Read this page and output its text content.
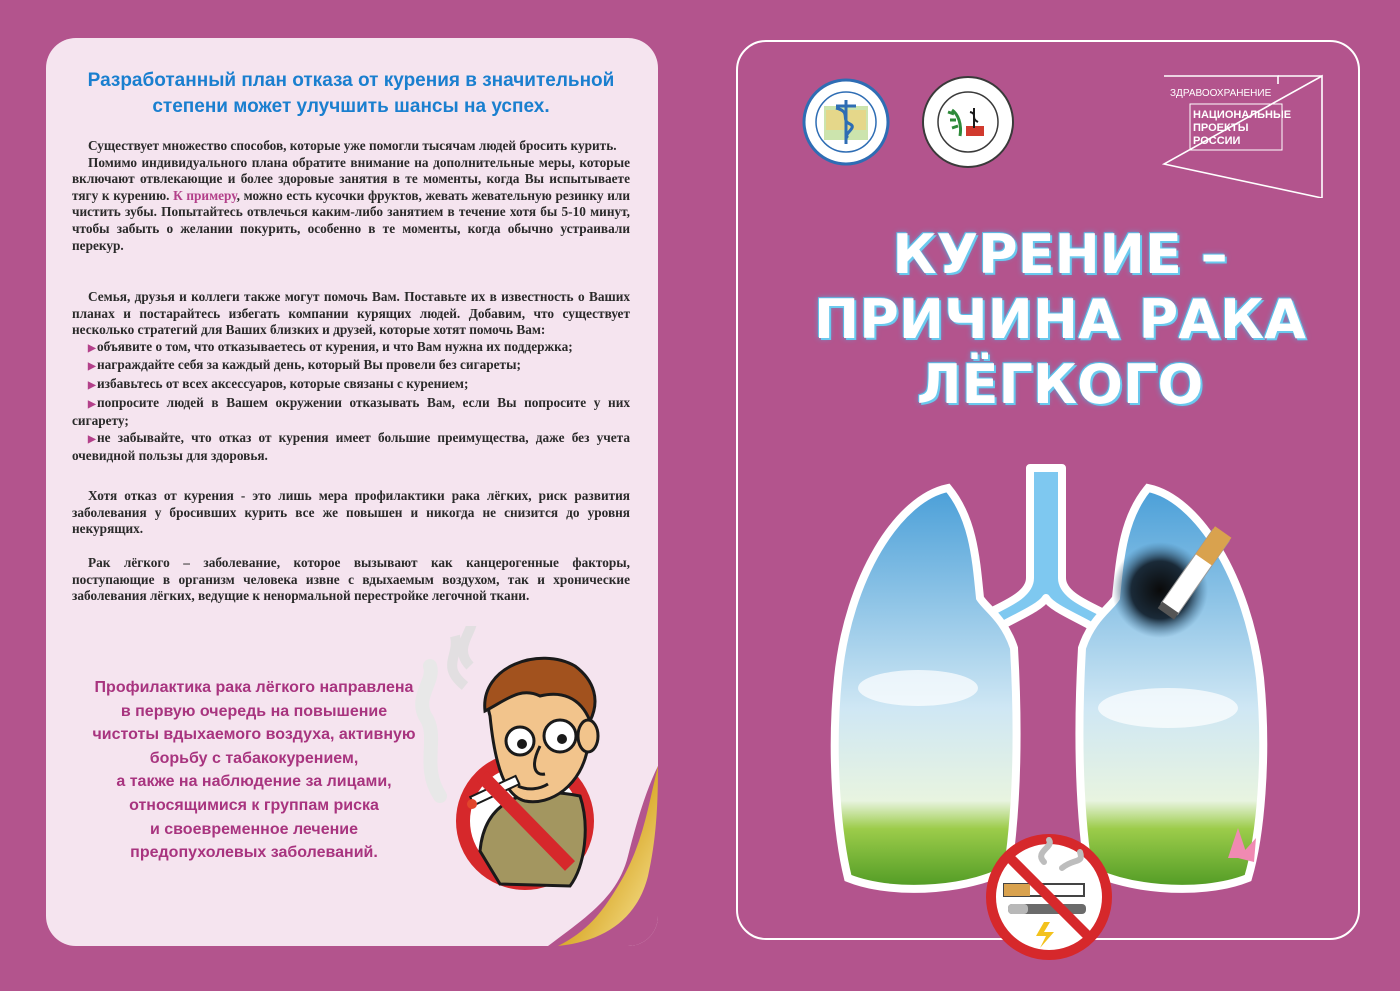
Разработанный план отказа от курения в значительной
степени может улучшить шансы на успех.

Существует множество способов, которые уже помогли тысячам людей бросить курить.

Помимо индивидуального плана обратите внимание на дополнительные меры, которые включают отвлекающие и более здоровые занятия в те моменты, когда Вы испытываете тягу к курению. К примеру, можно есть кусочки фруктов, жевать жевательную резинку или чистить зубы. Попытайтесь отвлечься каким-либо занятием в течение хотя бы 5-10 минут, чтобы забыть о желании покурить, особенно в те моменты, когда обычно устраивали перекур.

Семья, друзья и коллеги также могут помочь Вам. Поставьте их в известность о Ваших планах и постарайтесь избегать компании курящих людей. Добавим, что существует несколько стратегий для Ваших близких и друзей, которые хотят помочь Вам:

▶объявите о том, что отказываетесь от курения, и что Вам нужна их поддержка;
▶награждайте себя за каждый день, который Вы провели без сигареты;
▶избавьтесь от всех аксессуаров, которые связаны с курением;
▶попросите людей в Вашем окружении отказывать Вам, если Вы попросите у них сигарету;
▶не забывайте, что отказ от курения имеет большие преимущества, даже без учета очевидной пользы для здоровья.

Хотя отказ от курения - это лишь мера профилактики рака лёгких, риск развития заболевания у бросивших курить все же повышен и никогда не снизится до уровня некурящих.

Рак лёгкого – заболевание, которое вызывают как канцерогенные факторы, поступающие в организм человека извне с вдыхаемым воздухом, так и хронические заболевания лёгких, ведущие к ненормальной перестройке легочной ткани.

Профилактика рака лёгкого направлена
в первую очередь на повышение
чистоты вдыхаемого воздуха, активную
борьбу с табакокурением,
а также на наблюдение за лицами,
относящимися к группам риска
и своевременное лечение
предопухолевых заболеваний.
ЗДРАВООХРАНЕНИЕ
НАЦИОНАЛЬНЫЕ
ПРОЕКТЫ
РОССИИ
КУРЕНИЕ –
ПРИЧИНА РАКА
ЛЁГКОГО
